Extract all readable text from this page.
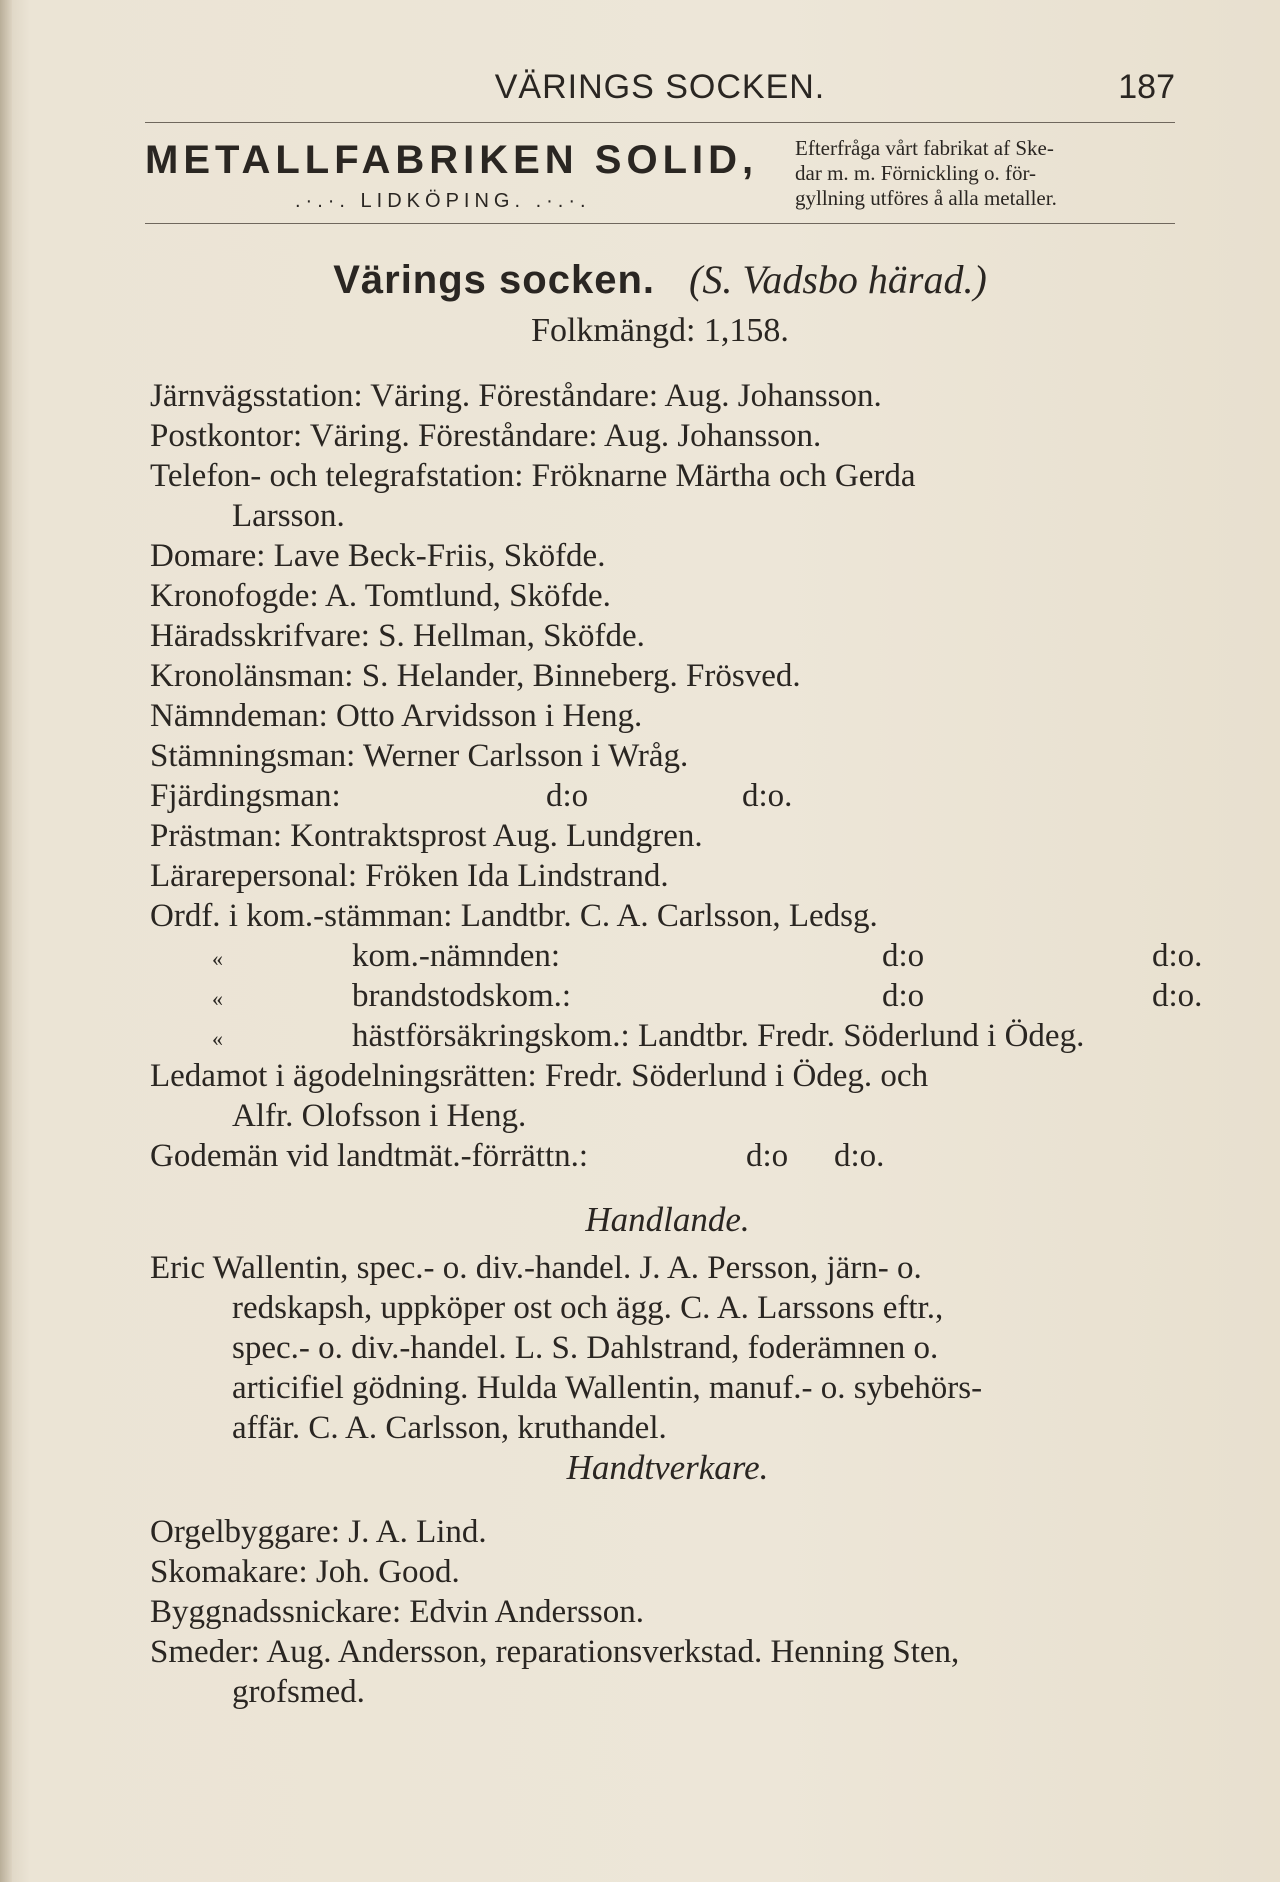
VÄRINGS SOCKEN.	187
METALLFABRIKEN SOLID,
.·.·. LIDKÖPING. .·.·.
Efterfråga vårt fabrikat af Ske-
dar m. m. Förnickling o. för-
gyllning utföres å alla metaller.
Värings socken. (S. Vadsbo härad.)
Folkmängd: 1,158.
Järnvägsstation: Väring. Föreståndare: Aug. Johansson.
Postkontor: Väring. Föreståndare: Aug. Johansson.
Telefon- och telegrafstation: Fröknarne Märtha och Gerda
Larsson.
Domare: Lave Beck-Friis, Sköfde.
Kronofogde: A. Tomtlund, Sköfde.
Häradsskrifvare: S. Hellman, Sköfde.
Kronolänsman: S. Helander, Binneberg. Frösved.
Nämndeman: Otto Arvidsson i Heng.
Stämningsman: Werner Carlsson i Wråg.
Fjärdingsman:	d:o	d:o.
Prästman: Kontraktsprost Aug. Lundgren.
Lärarepersonal: Fröken Ida Lindstrand.
Ordf. i kom.-stämman: Landtbr. C. A. Carlsson, Ledsg.
«	kom.-nämnden:	d:o	d:o.
«	brandstodskom.:	d:o	d:o.
«	hästförsäkringskom.: Landtbr. Fredr. Söderlund i Ödeg.
Ledamot i ägodelningsrätten: Fredr. Söderlund i Ödeg. och
Alfr. Olofsson i Heng.
Godemän vid landtmät.-förrättn.:	d:o d:o.
Handlande.
Eric Wallentin, spec.- o. div.-handel. J. A. Persson, järn- o.
redskapsh, uppköper ost och ägg. C. A. Larssons eftr.,
spec.- o. div.-handel. L. S. Dahlstrand, foderämnen o.
articifiel gödning. Hulda Wallentin, manuf.- o. sybehörs-
affär. C. A. Carlsson, kruthandel.
Handtverkare.
Orgelbyggare: J. A. Lind.
Skomakare: Joh. Good.
Byggnadssnickare: Edvin Andersson.
Smeder: Aug. Andersson, reparationsverkstad. Henning Sten,
grofsmed.
